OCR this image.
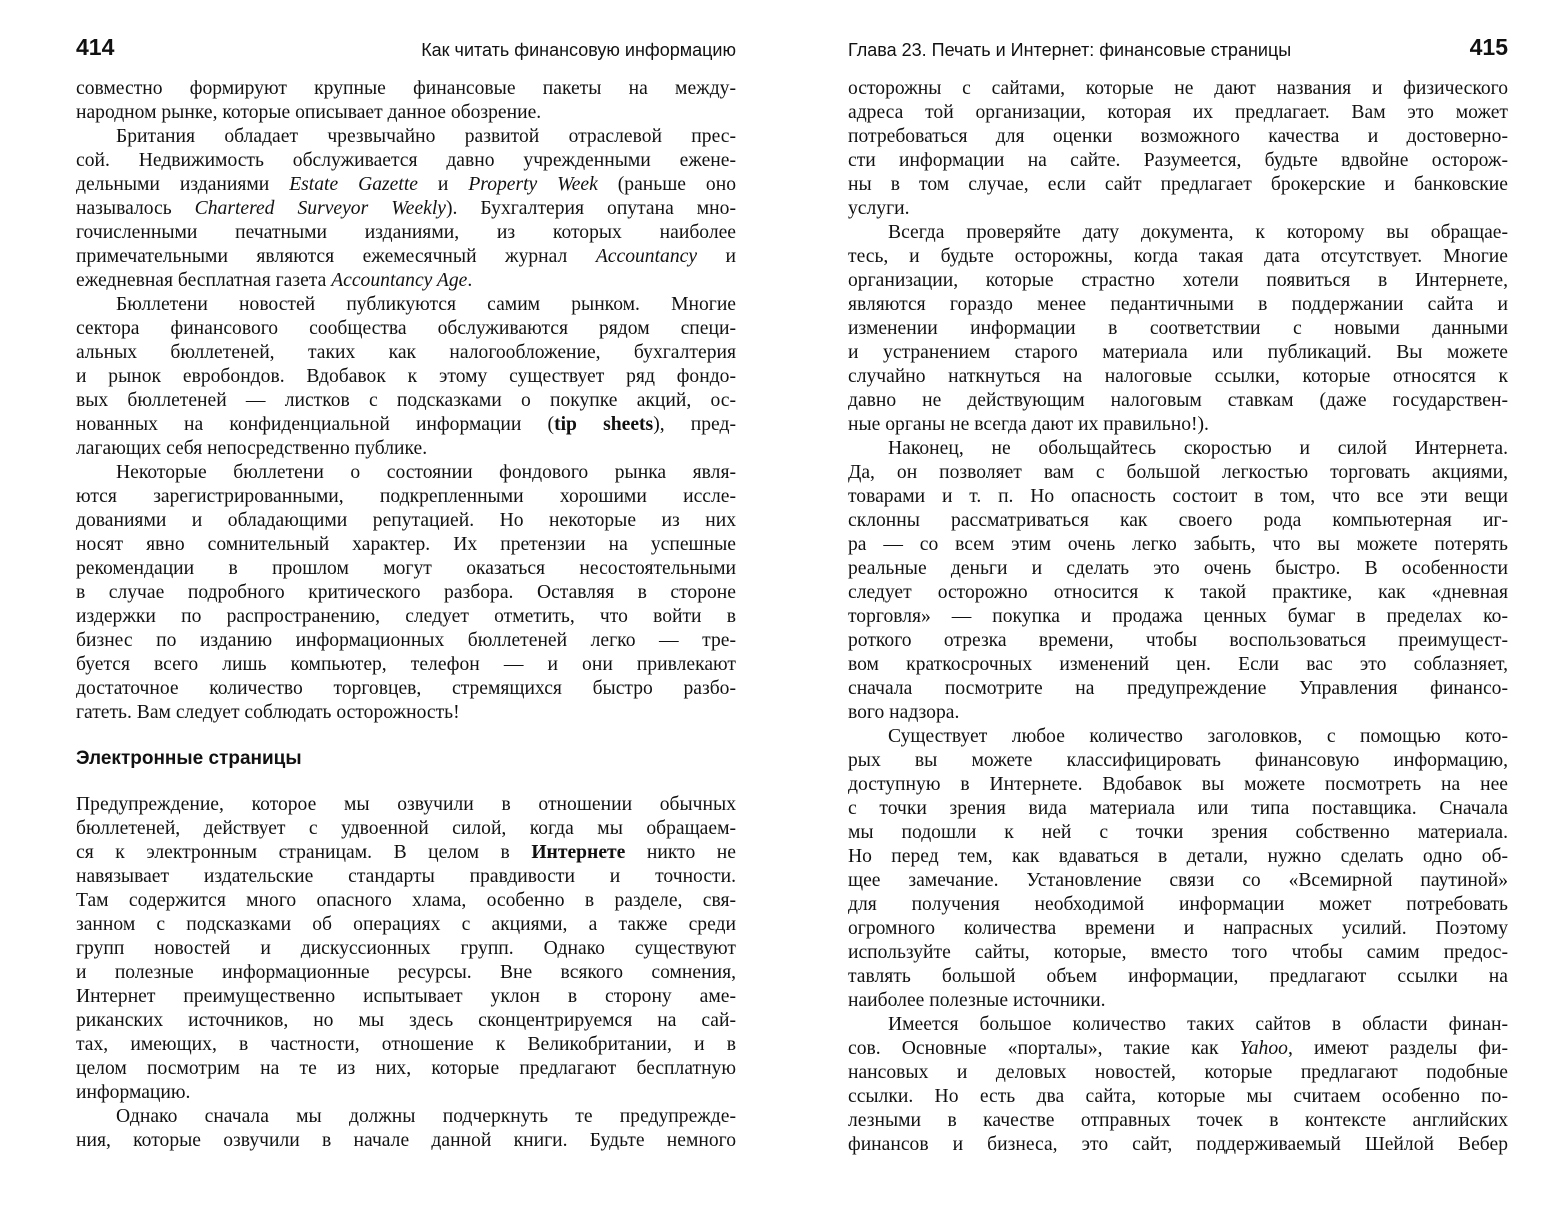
414	Как читать финансовую информацию
совместно формируют крупные финансовые пакеты на между-
народном рынке, которые описывает данное обозрение.
Британия обладает чрезвычайно развитой отраслевой прес-
сой. Недвижимость обслуживается давно учрежденными еженe-
дельными изданиями Estate Gazette и Property Week (раньше оно
называлось Chartered Surveyor Weekly). Бухгалтерия опутана мно-
гочисленными печатными изданиями, из которых наиболее
примечательными являются ежемесячный журнал Accountancy и
ежедневная бесплатная газета Accountancy Age.
Бюллетени новостей публикуются самим рынком. Многие
сектора финансового сообщества обслуживаются рядом специ-
альных бюллетеней, таких как налогообложение, бухгалтерия
и рынок евробондов. Вдобавок к этому существует ряд фондо-
вых бюллетеней — листков с подсказками о покупке акций, ос-
нованных на конфиденциальной информации (tip sheets), пред-
лагающих себя непосредственно публике.
Некоторые бюллетени о состоянии фондового рынка явля-
ются зарегистрированными, подкрепленными хорошими иссле-
дованиями и обладающими репутацией. Но некоторые из них
носят явно сомнительный характер. Их претензии на успешные
рекомендации в прошлом могут оказаться несостоятельными
в случае подробного критического разбора. Оставляя в стороне
издержки по распространению, следует отметить, что войти в
бизнес по изданию информационных бюллетеней легко — тре-
буется всего лишь компьютер, телефон — и они привлекают
достаточное количество торговцев, стремящихся быстро разбо-
гатеть. Вам следует соблюдать осторожность!
Электронные страницы
Предупреждение, которое мы озвучили в отношении обычных
бюллетеней, действует с удвоенной силой, когда мы обращаем-
ся к электронным страницам. В целом в Интернете никто не
навязывает издательские стандарты правдивости и точности.
Там содержится много опасного хлама, особенно в разделе, свя-
занном с подсказками об операциях с акциями, а также среди
групп новостей и дискуссионных групп. Однако существуют
и полезные информационные ресурсы. Вне всякого сомнения,
Интернет преимущественно испытывает уклон в сторону аме-
риканских источников, но мы здесь сконцентрируемся на сай-
тах, имеющих, в частности, отношение к Великобритании, и в
целом посмотрим на те из них, которые предлагают бесплатную
информацию.
Однако сначала мы должны подчеркнуть те предупрежде-
ния, которые озвучили в начале данной книги. Будьте немного
Глава 23. Печать и Интернет: финансовые страницы	415
осторожны с сайтами, которые не дают названия и физического
адреса той организации, которая их предлагает. Вам это может
потребоваться для оценки возможного качества и достоверно-
сти информации на сайте. Разумеется, будьте вдвойне осторож-
ны в том случае, если сайт предлагает брокерские и банковские
услуги.
Всегда проверяйте дату документа, к которому вы обращае-
тесь, и будьте осторожны, когда такая дата отсутствует. Многие
организации, которые страстно хотели появиться в Интернете,
являются гораздо менее педантичными в поддержании сайта и
изменении информации в соответствии с новыми данными
и устранением старого материала или публикаций. Вы можете
случайно наткнуться на налоговые ссылки, которые относятся к
давно не действующим налоговым ставкам (даже государствен-
ные органы не всегда дают их правильно!).
Наконец, не обольщайтесь скоростью и силой Интернета.
Да, он позволяет вам с большой легкостью торговать акциями,
товарами и т. п. Но опасность состоит в том, что все эти вещи
склонны рассматриваться как своего рода компьютерная иг-
ра — со всем этим очень легко забыть, что вы можете потерять
реальные деньги и сделать это очень быстро. В особенности
следует осторожно относится к такой практике, как «дневная
торговля» — покупка и продажа ценных бумаг в пределах ко-
роткого отрезка времени, чтобы воспользоваться преимущест-
вом краткосрочных изменений цен. Если вас это соблазняет,
сначала посмотрите на предупреждение Управления финансо-
вого надзора.
Существует любое количество заголовков, с помощью кото-
рых вы можете классифицировать финансовую информацию,
доступную в Интернете. Вдобавок вы можете посмотреть на нее
с точки зрения вида материала или типа поставщика. Сначала
мы подошли к ней с точки зрения собственно материала.
Но перед тем, как вдаваться в детали, нужно сделать одно об-
щее замечание. Установление связи со «Всемирной паутиной»
для получения необходимой информации может потребовать
огромного количества времени и напрасных усилий. Поэтому
используйте сайты, которые, вместо того чтобы самим предос-
тавлять большой объем информации, предлагают ссылки на
наиболее полезные источники.
Имеется большое количество таких сайтов в области финан-
сов. Основные «порталы», такие как Yahoo, имеют разделы фи-
нансовых и деловых новостей, которые предлагают подобные
ссылки. Но есть два сайта, которые мы считаем особенно по-
лезными в качестве отправных точек в контексте английских
финансов и бизнеса, это сайт, поддерживаемый Шейлой Вебер
